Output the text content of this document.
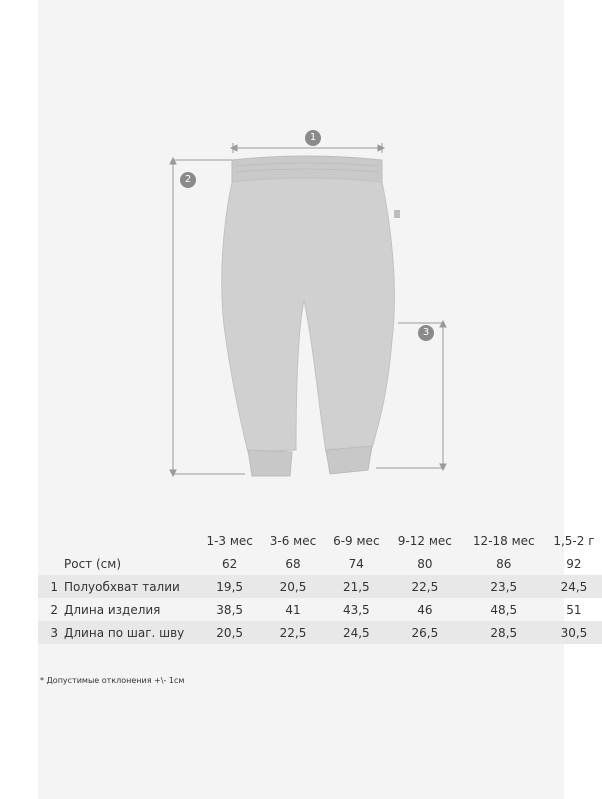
1
2
3
		1-3 мес	3-6 мес	6-9 мес	9-12 мес	12-18 мес	1,5-2 г
	Рост (см)	62	68	74	80	86	92
1	Полуобхват талии	19,5	20,5	21,5	22,5	23,5	24,5
2	Длина изделия	38,5	41	43,5	46	48,5	51
3	Длина по шаг. шву	20,5	22,5	24,5	26,5	28,5	30,5
* Допустимые отклонения +\- 1см
